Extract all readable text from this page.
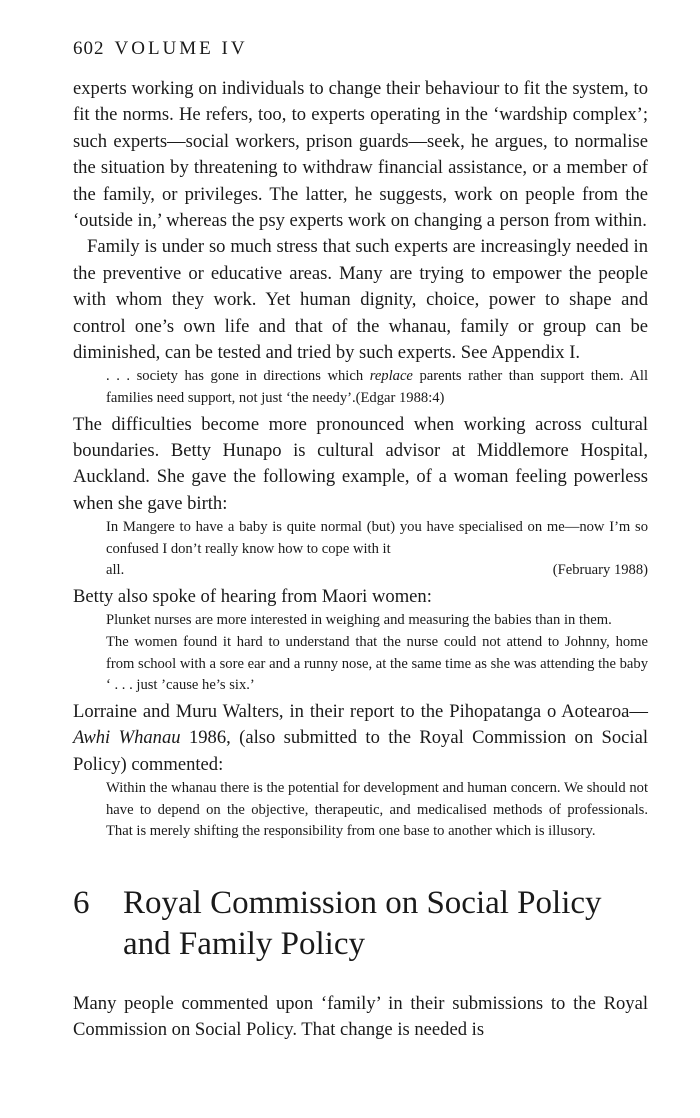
602 VOLUME IV

experts working on individuals to change their behaviour to fit the system, to fit the norms. He refers, too, to experts operating in the ‘wardship complex’; such experts—social workers, prison guards—seek, he argues, to normalise the situation by threatening to withdraw financial assistance, or a member of the family, or privileges. The latter, he suggests, work on people from the ‘outside in,’ whereas the psy experts work on changing a person from within.

Family is under so much stress that such experts are increasingly needed in the preventive or educative areas. Many are trying to empower the people with whom they work. Yet human dignity, choice, power to shape and control one’s own life and that of the whanau, family or group can be diminished, can be tested and tried by such experts. See Appendix I.

. . . society has gone in directions which replace parents rather than support them. All families need support, not just ‘the needy’.(Edgar 1988:4)

The difficulties become more pronounced when working across cultural boundaries. Betty Hunapo is cultural advisor at Middlemore Hospital, Auckland. She gave the following example, of a woman feeling powerless when she gave birth:

In Mangere to have a baby is quite normal (but) you have specialised on me—now I’m so confused I don’t really know how to cope with it

all.	(February 1988)

Betty also spoke of hearing from Maori women:

Plunket nurses are more interested in weighing and measuring the babies than in them.

The women found it hard to understand that the nurse could not attend to Johnny, home from school with a sore ear and a runny nose, at the same time as she was attending the baby ‘ . . . just ’cause he’s six.’

Lorraine and Muru Walters, in their report to the Pihopatanga o Aotearoa—Awhi Whanau 1986, (also submitted to the Royal Commission on Social Policy) commented:

Within the whanau there is the potential for development and human concern. We should not have to depend on the objective, therapeutic, and medicalised methods of professionals. That is merely shifting the responsibility from one base to another which is illusory.

6	Royal Commission on Social Policy and Family Policy

Many people commented upon ‘family’ in their submissions to the Royal Commission on Social Policy. That change is needed is
